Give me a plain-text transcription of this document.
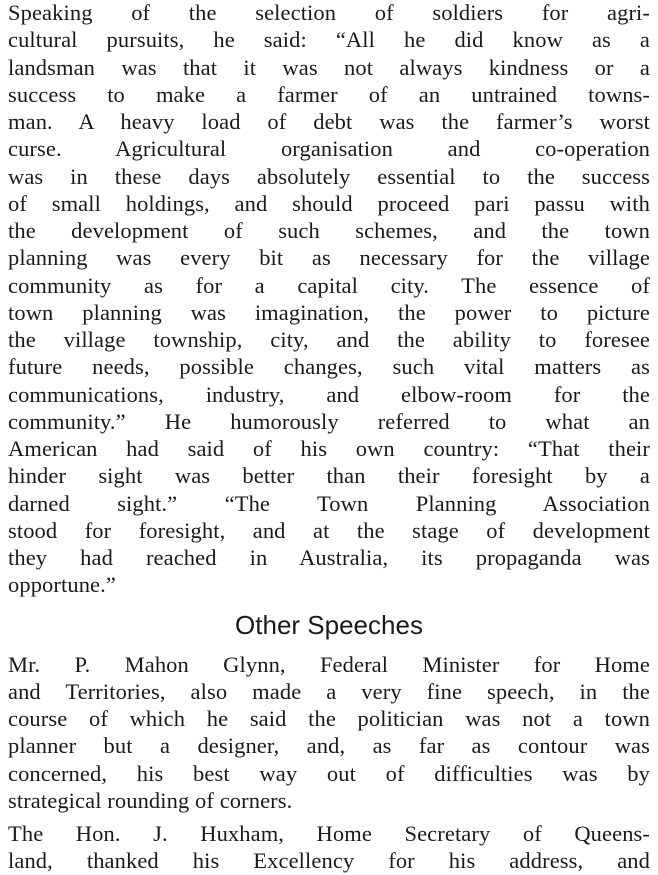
Speaking of the selection of soldiers for agri-
cultural pursuits, he said: “All he did know as a
landsman was that it was not always kindness or a
success to make a farmer of an untrained towns-
man. A heavy load of debt was the farmer’s worst
curse. Agricultural organisation and co-operation
was in these days absolutely essential to the success
of small holdings, and should proceed pari passu with
the development of such schemes, and the town
planning was every bit as necessary for the village
community as for a capital city. The essence of
town planning was imagination, the power to picture
the village township, city, and the ability to foresee
future needs, possible changes, such vital matters as
communications, industry, and elbow-room for the
community.” He humorously referred to what an
American had said of his own country: “That their
hinder sight was better than their foresight by a
darned sight.” “The Town Planning Association
stood for foresight, and at the stage of development
they had reached in Australia, its propaganda was
opportune.”
Other Speeches
Mr. P. Mahon Glynn, Federal Minister for Home
and Territories, also made a very fine speech, in the
course of which he said the politician was not a town
planner but a designer, and, as far as contour was
concerned, his best way out of difficulties was by
strategical rounding of corners.
The Hon. J. Huxham, Home Secretary of Queens-
land, thanked his Excellency for his address, and
